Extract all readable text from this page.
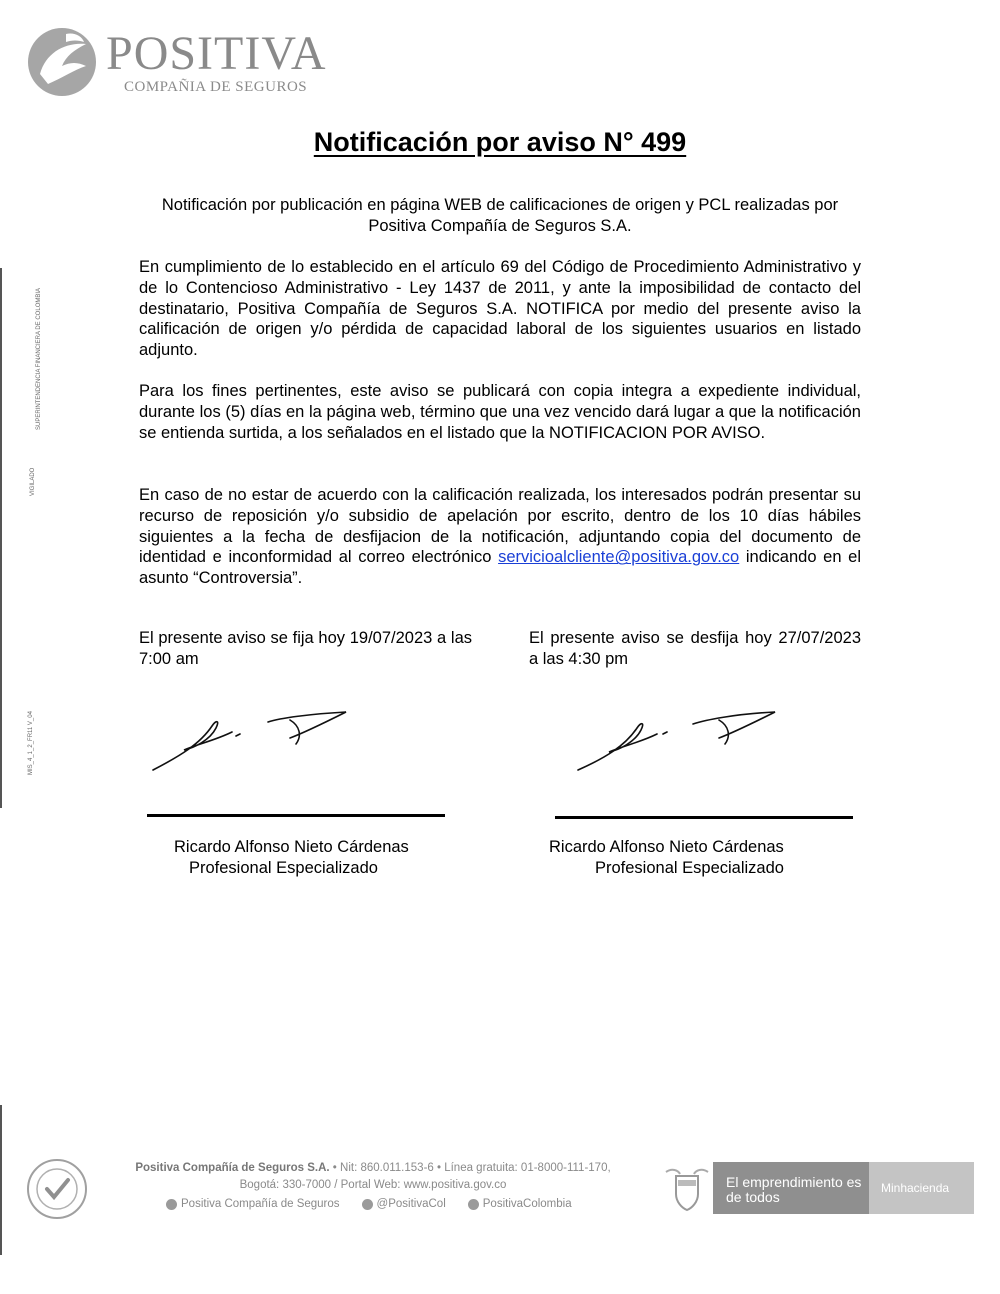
POSITIVA
COMPAÑIA DE SEGUROS
Notificación por aviso N° 499
Notificación por publicación en página WEB de calificaciones de origen y PCL realizadas por Positiva Compañía de Seguros S.A.
En cumplimiento de lo establecido en el artículo 69 del Código de Procedimiento Administrativo y de lo Contencioso Administrativo - Ley 1437 de 2011, y ante la imposibilidad de contacto del destinatario, Positiva Compañía de Seguros S.A. NOTIFICA por medio del presente aviso la calificación de origen y/o pérdida de capacidad laboral de los siguientes usuarios en listado adjunto.
Para los fines pertinentes, este aviso se publicará con copia integra a expediente individual, durante los (5) días en la página web, término que una vez vencido dará lugar a que la notificación se entienda surtida, a los señalados en el listado que la NOTIFICACION POR AVISO.
En caso de no estar de acuerdo con la calificación realizada, los interesados podrán presentar su recurso de reposición y/o subsidio de apelación por escrito, dentro de los 10 días hábiles siguientes a la fecha de desfijacion de la notificación, adjuntando copia del documento de identidad e inconformidad al correo electrónico servicioalcliente@positiva.gov.co indicando en el asunto “Controversia”.
El presente aviso se fija hoy 19/07/2023 a las 7:00 am
El presente aviso se desfija hoy 27/07/2023 a las 4:30 pm
Ricardo Alfonso Nieto Cárdenas
Profesional Especializado
Ricardo Alfonso Nieto Cárdenas
Profesional Especializado
VIGILADO
SUPERINTENDENCIA FINANCIERA DE COLOMBIA
MIS_4_1_2_FR11 V_04
Positiva Compañía de Seguros S.A. • Nit: 860.011.153-6 • Línea gratuita: 01-8000-111-170,
Bogotá: 330-7000 / Portal Web: www.positiva.gov.co
Positiva Compañía de Seguros	@PositivaCol	PositivaColombia
El emprendimiento es de todos
Minhacienda
